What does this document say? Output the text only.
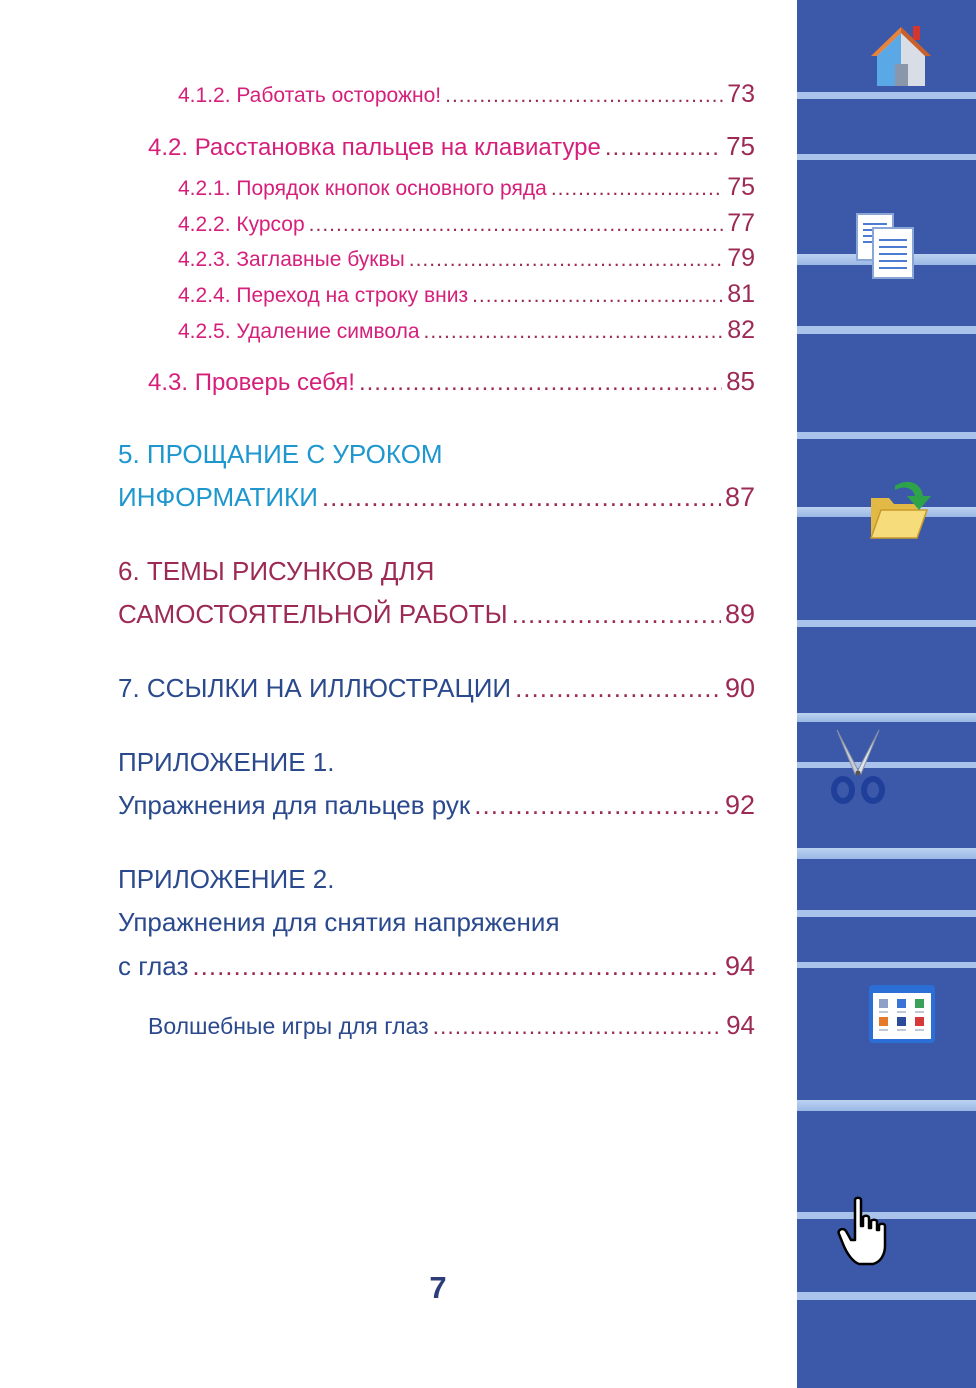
4.1.2. Работать осторожно! .....	73
4.2. Расстановка пальцев на клавиатуре .....	75
4.2.1. Порядок кнопок основного ряда .....	75
4.2.2. Курсор .....	77
4.2.3. Заглавные буквы .....	79
4.2.4. Переход на строку вниз .....	81
4.2.5. Удаление символа .....	82
4.3. Проверь себя! .....	85
5. ПРОЩАНИЕ С УРОКОМ
ИНФОРМАТИКИ .....	87
6. ТЕМЫ РИСУНКОВ ДЛЯ
САМОСТОЯТЕЛЬНОЙ РАБОТЫ .....	89
7. ССЫЛКИ НА ИЛЛЮСТРАЦИИ .....	90
ПРИЛОЖЕНИЕ 1.
Упражнения для пальцев рук .....	92
ПРИЛОЖЕНИЕ 2.
Упражнения для снятия напряжения
с глаз .....	94
Волшебные игры для глаз .....	94
7
